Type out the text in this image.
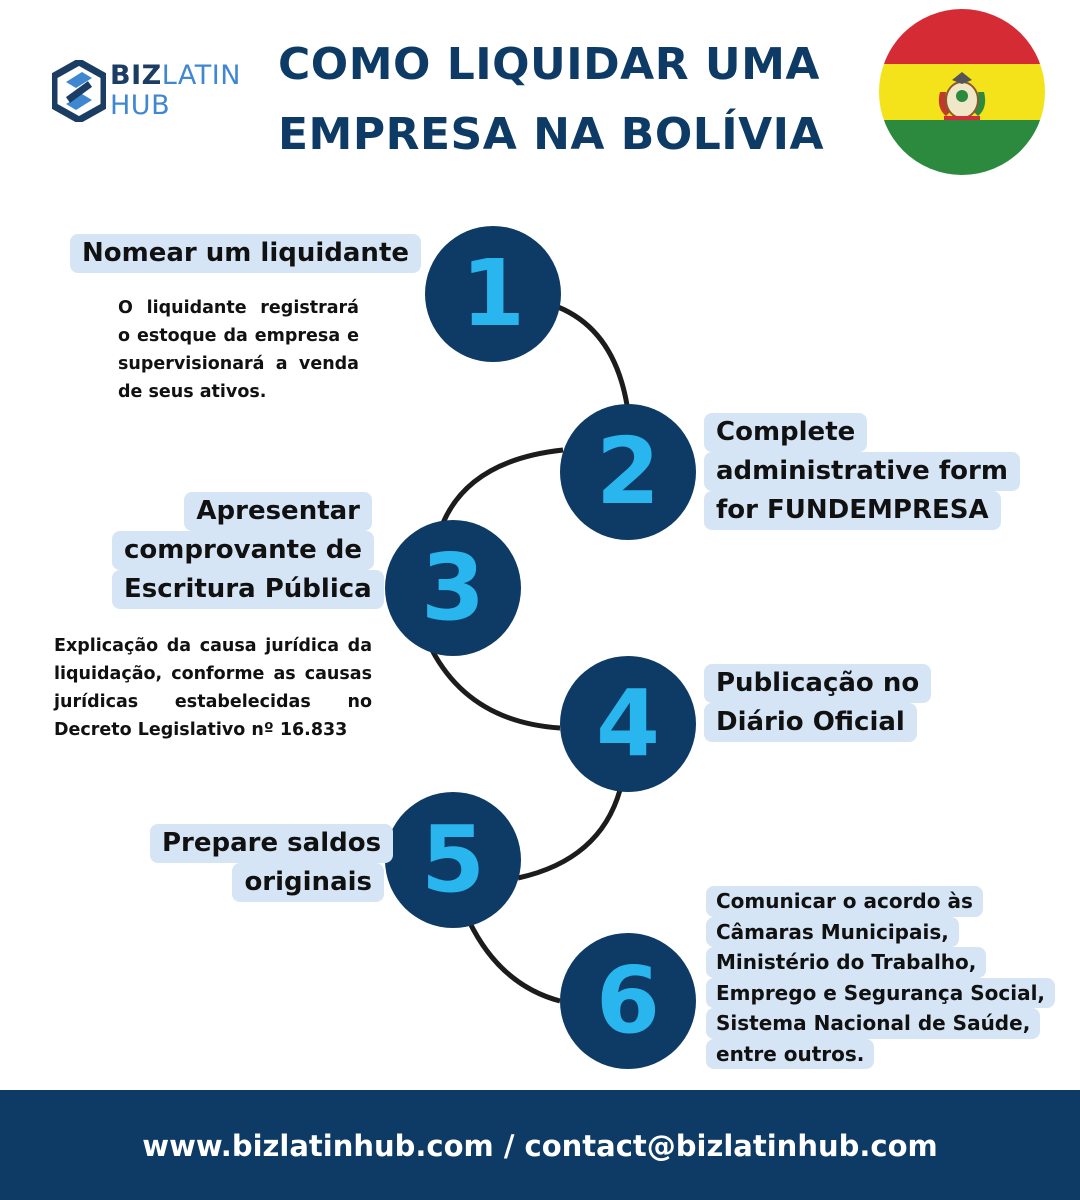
BIZLATIN
HUB
COMO LIQUIDAR UMA
EMPRESA NA BOLÍVIA
1
2
3
4
5
6
Nomear um liquidante
O liquidante registrará o estoque da empresa e supervisionará a venda de seus ativos.
Complete
administrative form
for FUNDEMPRESA
Apresentar
comprovante de
Escritura Pública
Explicação da causa jurídica da liquidação, conforme as causas jurídicas estabelecidas no Decreto Legislativo nº 16.833
Publicação no
Diário Oficial
Prepare saldos
originais
Comunicar o acordo às
Câmaras Municipais,
Ministério do Trabalho,
Emprego e Segurança Social,
Sistema Nacional de Saúde,
entre outros.
www.bizlatinhub.com / contact@bizlatinhub.com
